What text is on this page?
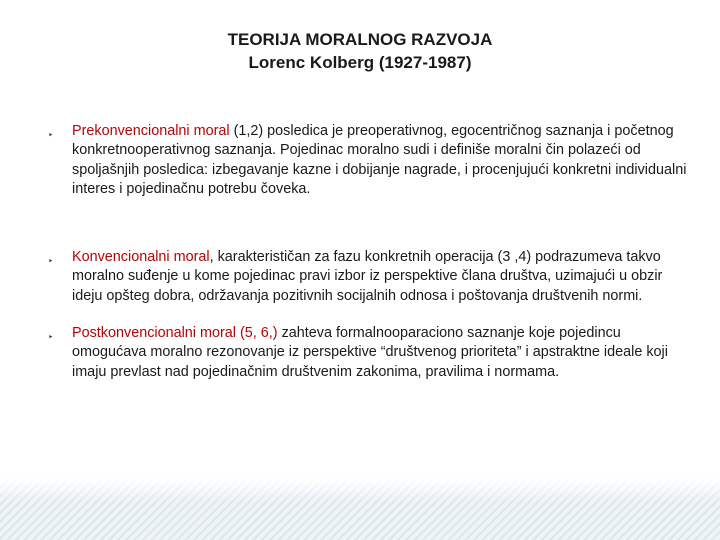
TEORIJA MORALNOG RAZVOJA
Lorenc Kolberg (1927-1987)
‣ Prekonvencionalni moral (1,2) posledica je preoperativnog, egocentričnog saznanja i početnog konkretnooperativnog saznanja. Pojedinac moralno sudi i definiše moralni čin polazeći od spoljašnjih posledica: izbegavanje kazne i dobijanje nagrade, i procenjujući konkretni individualni interes i pojedinačnu potrebu čoveka.
‣ Konvencionalni moral, karakterističan za fazu konkretnih operacija (3 ,4) podrazumeva takvo moralno suđenje u kome pojedinac pravi izbor iz perspektive člana društva, uzimajući u obzir ideju opšteg dobra, održavanja pozitivnih socijalnih odnosa i poštovanja društvenih normi.
‣ Postkonvencionalni moral (5, 6,) zahteva formalnooparaciono saznanje koje pojedincu omogućava moralno rezonovanje iz perspektive “društvenog prioriteta” i apstraktne ideale koji imaju prevlast nad pojedinačnim društvenim zakonima, pravilima i normama.
